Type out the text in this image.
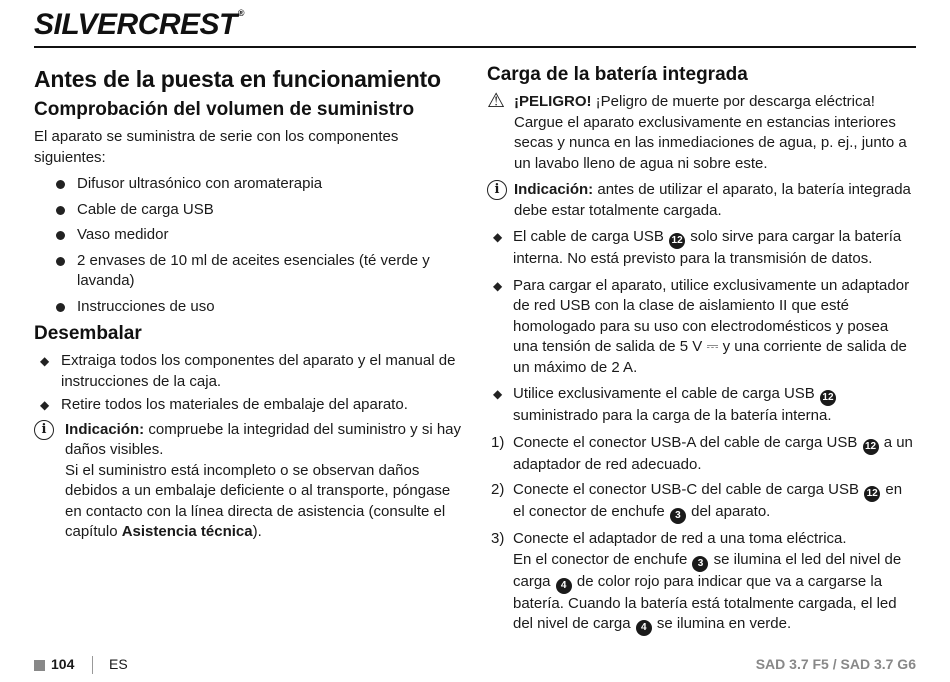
SILVERCREST®
Antes de la puesta en funcionamiento
Comprobación del volumen de suministro

El aparato se suministra de serie con los componentes siguientes:

Difusor ultrasónico con aromaterapia
Cable de carga USB
Vaso medidor
2 envases de 10 ml de aceites esenciales (té verde y lavanda)
Instrucciones de uso
Desembalar
◆ Extraiga todos los componentes del aparato y el manual de instrucciones de la caja.
◆ Retire todos los materiales de embalaje del aparato.
i	Indicación: compruebe la integridad del suministro y si hay daños visibles.
Si el suministro está incompleto o se observan daños debidos a un embalaje deficiente o al transporte, póngase en contacto con la línea directa de asistencia (consulte el capítulo Asistencia técnica).
Carga de la batería integrada
⚠ ¡PELIGRO! ¡Peligro de muerte por descarga eléctrica! Cargue el aparato exclusivamente en estancias interiores secas y nunca en las inmediaciones de agua, p. ej., junto a un lavabo lleno de agua ni sobre este.
i Indicación: antes de utilizar el aparato, la batería integrada debe estar totalmente cargada.
◆ El cable de carga USB 12 solo sirve para cargar la batería interna. No está previsto para la transmisión de datos.
◆ Para cargar el aparato, utilice exclusivamente un adaptador de red USB con la clase de aislamiento II que esté homologado para su uso con electrodomésticos y posea una tensión de salida de 5 V ⎓ y una corriente de salida de un máximo de 2 A.
◆ Utilice exclusivamente el cable de carga USB 12 suministrado para la carga de la batería interna.
1) Conecte el conector USB-A del cable de carga USB 12 a un adaptador de red adecuado.
2) Conecte el conector USB-C del cable de carga USB 12 en el conector de enchufe 3 del aparato.
3) Conecte el adaptador de red a una toma eléctrica.
En el conector de enchufe 3 se ilumina el led del nivel de carga 4 de color rojo para indicar que va a cargarse la batería. Cuando la batería está totalmente cargada, el led del nivel de carga 4 se ilumina en verde.
104 ES	SAD 3.7 F5 / SAD 3.7 G6
